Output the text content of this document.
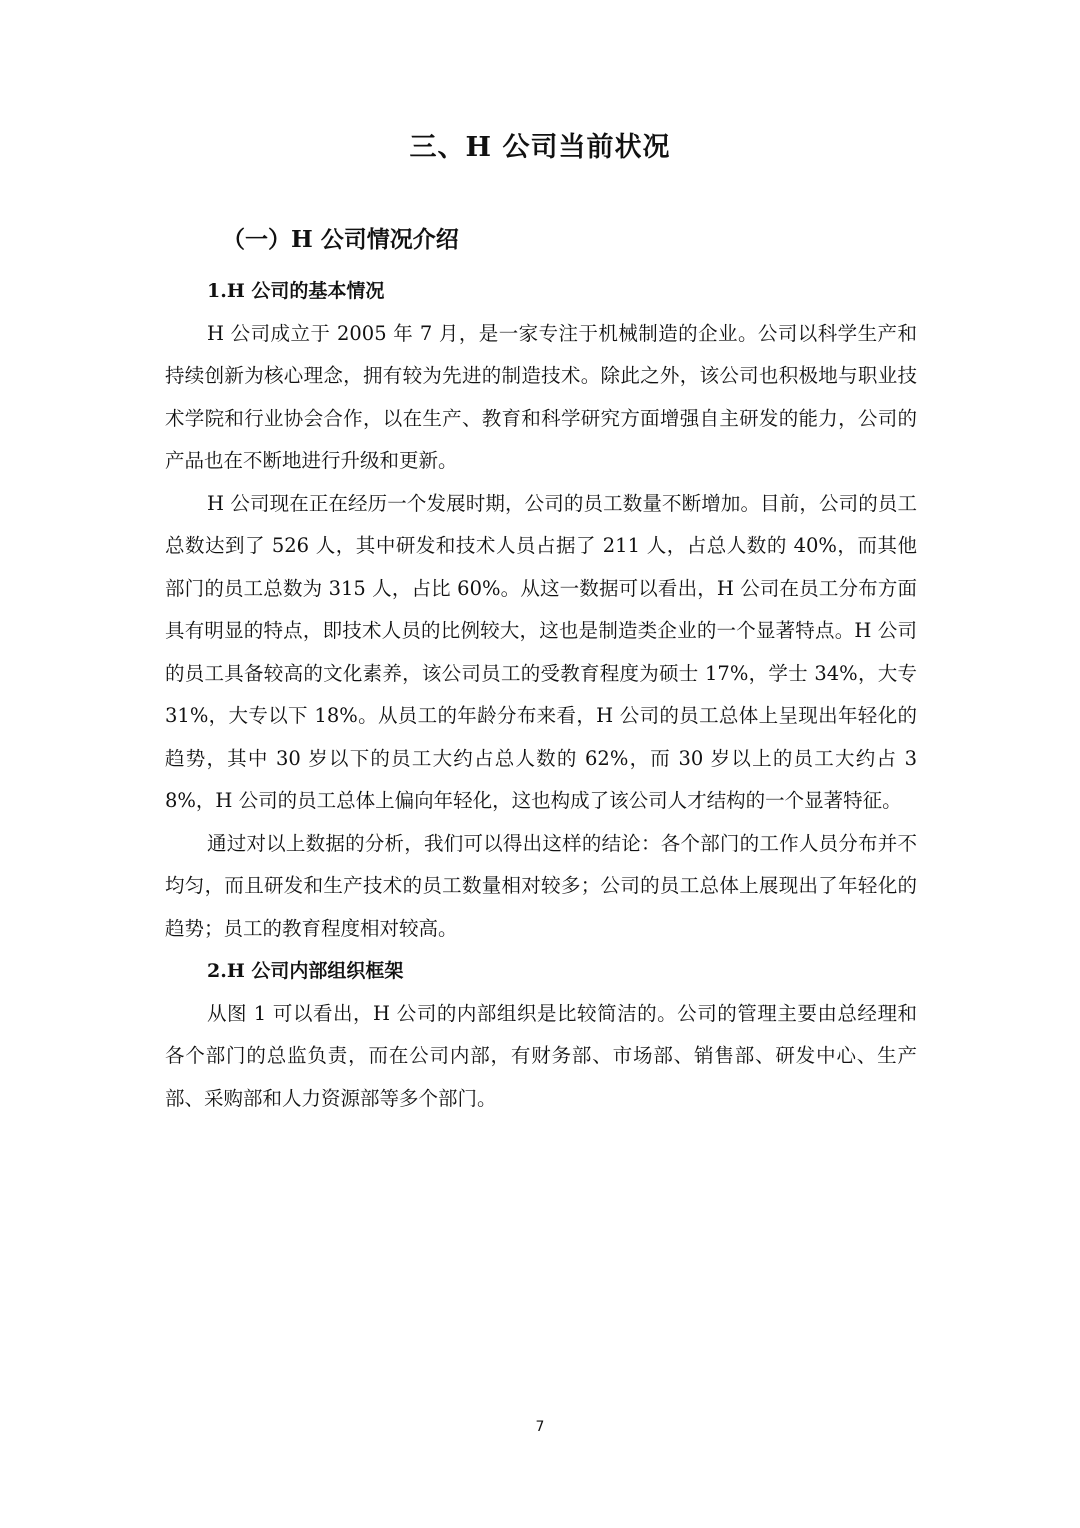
三、H 公司当前状况
（一）H 公司情况介绍
1.H 公司的基本情况

H 公司成立于 2005 年 7 月，是一家专注于机械制造的企业。公司以科学生产和持续创新为核心理念，拥有较为先进的制造技术。除此之外，该公司也积极地与职业技术学院和行业协会合作，以在生产、教育和科学研究方面增强自主研发的能力，公司的产品也在不断地进行升级和更新。

H 公司现在正在经历一个发展时期，公司的员工数量不断增加。目前，公司的员工总数达到了 526 人，其中研发和技术人员占据了 211 人，占总人数的 40%，而其他部门的员工总数为 315 人，占比 60%。从这一数据可以看出，H 公司在员工分布方面具有明显的特点，即技术人员的比例较大，这也是制造类企业的一个显著特点。H 公司的员工具备较高的文化素养，该公司员工的受教育程度为硕士 17%，学士 34%，大专 31%，大专以下 18%。从员工的年龄分布来看，H 公司的员工总体上呈现出年轻化的趋势，其中 30 岁以下的员工大约占总人数的 62%，而 30 岁以上的员工大约占 38%，H 公司的员工总体上偏向年轻化，这也构成了该公司人才结构的一个显著特征。

通过对以上数据的分析，我们可以得出这样的结论：各个部门的工作人员分布并不均匀，而且研发和生产技术的员工数量相对较多；公司的员工总体上展现出了年轻化的趋势；员工的教育程度相对较高。

2.H 公司内部组织框架

从图 1 可以看出，H 公司的内部组织是比较简洁的。公司的管理主要由总经理和各个部门的总监负责，而在公司内部，有财务部、市场部、销售部、研发中心、生产部、采购部和人力资源部等多个部门。

7
